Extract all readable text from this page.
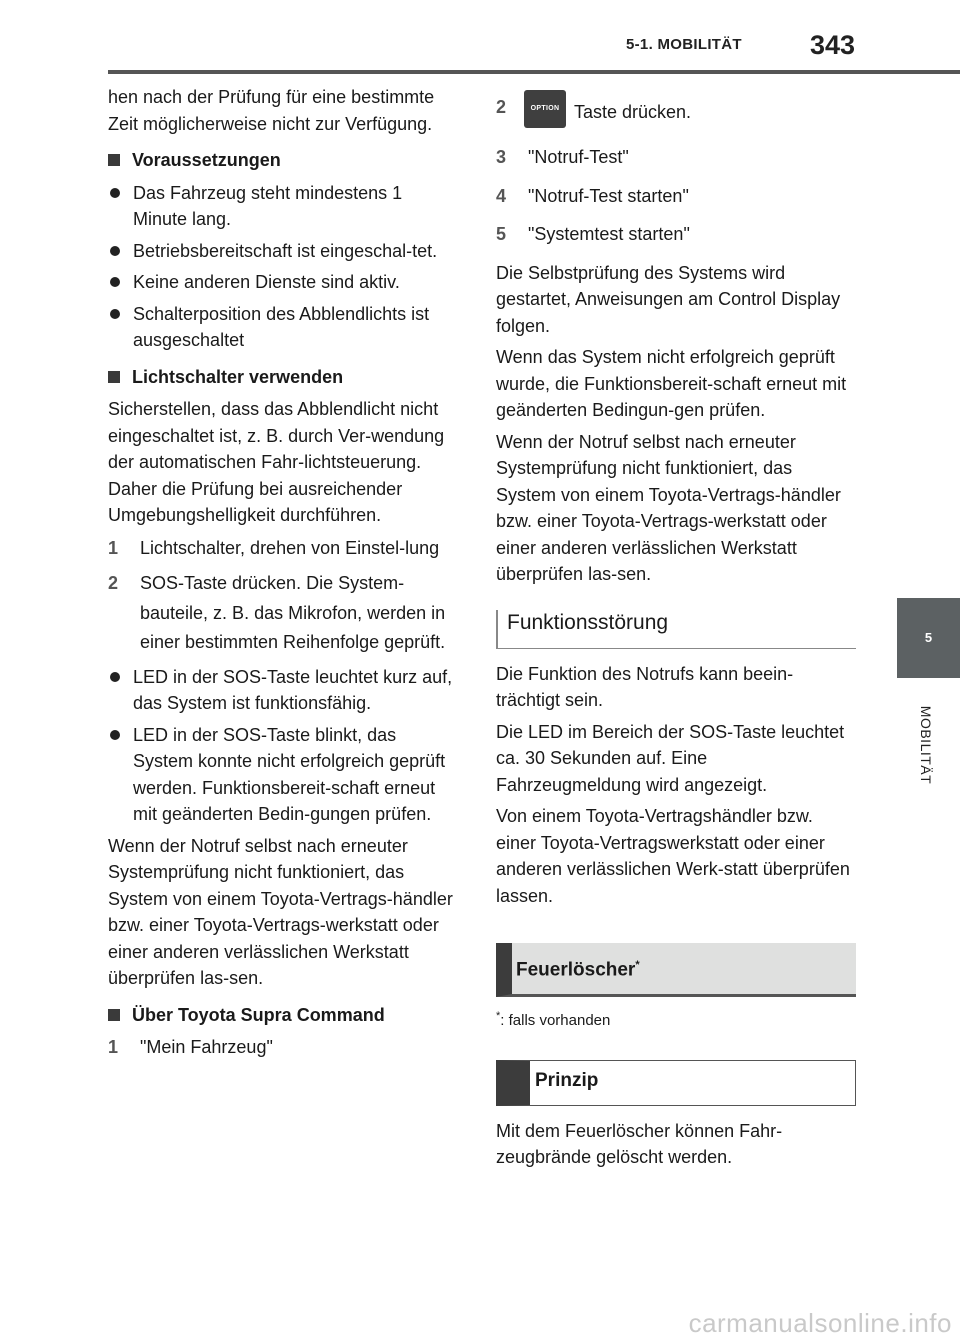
5-1. MOBILITÄT	343
5
MOBILITÄT

hen nach der Prüfung für eine bestimmte Zeit möglicherweise nicht zur Verfügung.

Voraussetzungen
Das Fahrzeug steht mindestens 1 Minute lang.
Betriebsbereitschaft ist eingeschal-tet.
Keine anderen Dienste sind aktiv.
Schalterposition des Abblendlichts ist ausgeschaltet
Lichtschalter verwenden

Sicherstellen, dass das Abblendlicht nicht eingeschaltet ist, z. B. durch Ver-wendung der automatischen Fahr-lichtsteuerung. Daher die Prüfung bei ausreichender Umgebungshelligkeit durchführen.

1	Lichtschalter, drehen von Einstel-lung
2	SOS-Taste drücken. Die System-bauteile, z. B. das Mikrofon, werden in einer bestimmten Reihenfolge geprüft.
LED in der SOS-Taste leuchtet kurz auf, das System ist funktionsfähig.
LED in der SOS-Taste blinkt, das System konnte nicht erfolgreich geprüft werden. Funktionsbereit-schaft erneut mit geänderten Bedin-gungen prüfen.

Wenn der Notruf selbst nach erneuter Systemprüfung nicht funktioniert, das System von einem Toyota-Vertrags-händler bzw. einer Toyota-Vertrags-werkstatt oder einer anderen verlässlichen Werkstatt überprüfen las-sen.

Über Toyota Supra Command
1	"Mein Fahrzeug"
2	OPTION Taste drücken.
3	"Notruf-Test"
4	"Notruf-Test starten"
5	"Systemtest starten"

Die Selbstprüfung des Systems wird gestartet, Anweisungen am Control Display folgen.

Wenn das System nicht erfolgreich geprüft wurde, die Funktionsbereit-schaft erneut mit geänderten Bedingun-gen prüfen.

Wenn der Notruf selbst nach erneuter Systemprüfung nicht funktioniert, das System von einem Toyota-Vertrags-händler bzw. einer Toyota-Vertrags-werkstatt oder einer anderen verlässlichen Werkstatt überprüfen las-sen.

Funktionsstörung

Die Funktion des Notrufs kann beein-trächtigt sein.

Die LED im Bereich der SOS-Taste leuchtet ca. 30 Sekunden auf. Eine Fahrzeugmeldung wird angezeigt.

Von einem Toyota-Vertragshändler bzw. einer Toyota-Vertragswerkstatt oder einer anderen verlässlichen Werk-statt überprüfen lassen.

Feuerlöscher*

*: falls vorhanden

Prinzip

Mit dem Feuerlöscher können Fahr-zeugbrände gelöscht werden.

carmanualsonline.info
